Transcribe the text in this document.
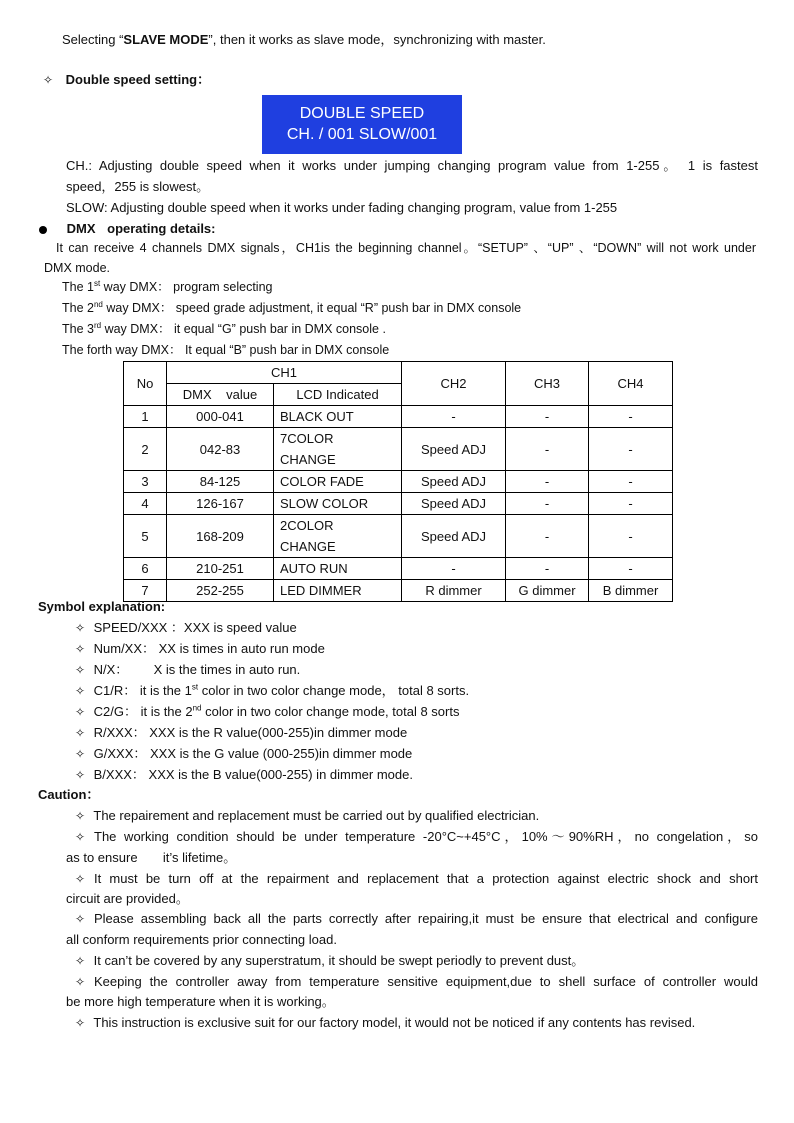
Selecting “SLAVE MODE”, then it works as slave mode，synchronizing with master.
✧ Double speed setting：
DOUBLE SPEED
CH. / 001 SLOW/001
CH.: Adjusting double speed when it works under jumping changing program value from 1-255。 1 is fastest
speed，255 is slowest。
SLOW: Adjusting double speed when it works under fading changing program, value from 1-255
DMX operating details:
It can receive 4 channels DMX signals，CH1is the beginning channel。“SETUP” 、“UP” 、“DOWN” will not work under
DMX mode.
The 1st way DMX： program selecting
The 2nd way DMX： speed grade adjustment, it equal “R” push bar in DMX console
The 3rd way DMX： it equal “G” push bar in DMX console .
The forth way DMX： It equal “B” push bar in DMX console
No	CH1		CH2	CH3	CH4
	DMX    value	LCD Indicated			
1	000-041	BLACK OUT	-	-	-
2	042-83	7COLOR CHANGE	Speed ADJ	-	-
3	84-125	COLOR FADE	Speed ADJ	-	-
4	126-167	SLOW COLOR	Speed ADJ	-	-
5	168-209	2COLOR CHANGE	Speed ADJ	-	-
6	210-251	AUTO RUN	-	-	-
7	252-255	LED DIMMER	R dimmer	G dimmer	B dimmer
Symbol explanation:
✧ SPEED/XXX ：XXX is speed value
✧ Num/XX： XX is times in auto run mode
✧ N/X：       X is the times in auto run.
✧ C1/R： it is the 1st color in two color change mode， total 8 sorts.
✧ C2/G： it is the 2nd color in two color change mode, total 8 sorts
✧ R/XXX： XXX is the R value(000-255)in dimmer mode
✧ G/XXX： XXX is the G value (000-255)in dimmer mode
✧ B/XXX： XXX is the B value(000-255) in dimmer mode.
Caution：
✧ The repairement and replacement must be carried out by qualified electrician.
✧ The working condition should be under temperature -20°C~+45°C，10%～90%RH，no congelation，so
as to ensure       it’s lifetime。
✧ It must be turn off at the repairment and replacement that a protection against electric shock and short
circuit are provided。
✧ Please assembling back all the parts correctly after repairing,it must be ensure that electrical and configure
all conform requirements prior connecting load.
✧ It can’t be covered by any superstratum, it should be swept periodly to prevent dust。
✧ Keeping the controller away from temperature sensitive equipment,due to shell surface of controller would
be more high temperature when it is working。
✧ This instruction is exclusive suit for our factory model, it would not be noticed if any contents has revised.
